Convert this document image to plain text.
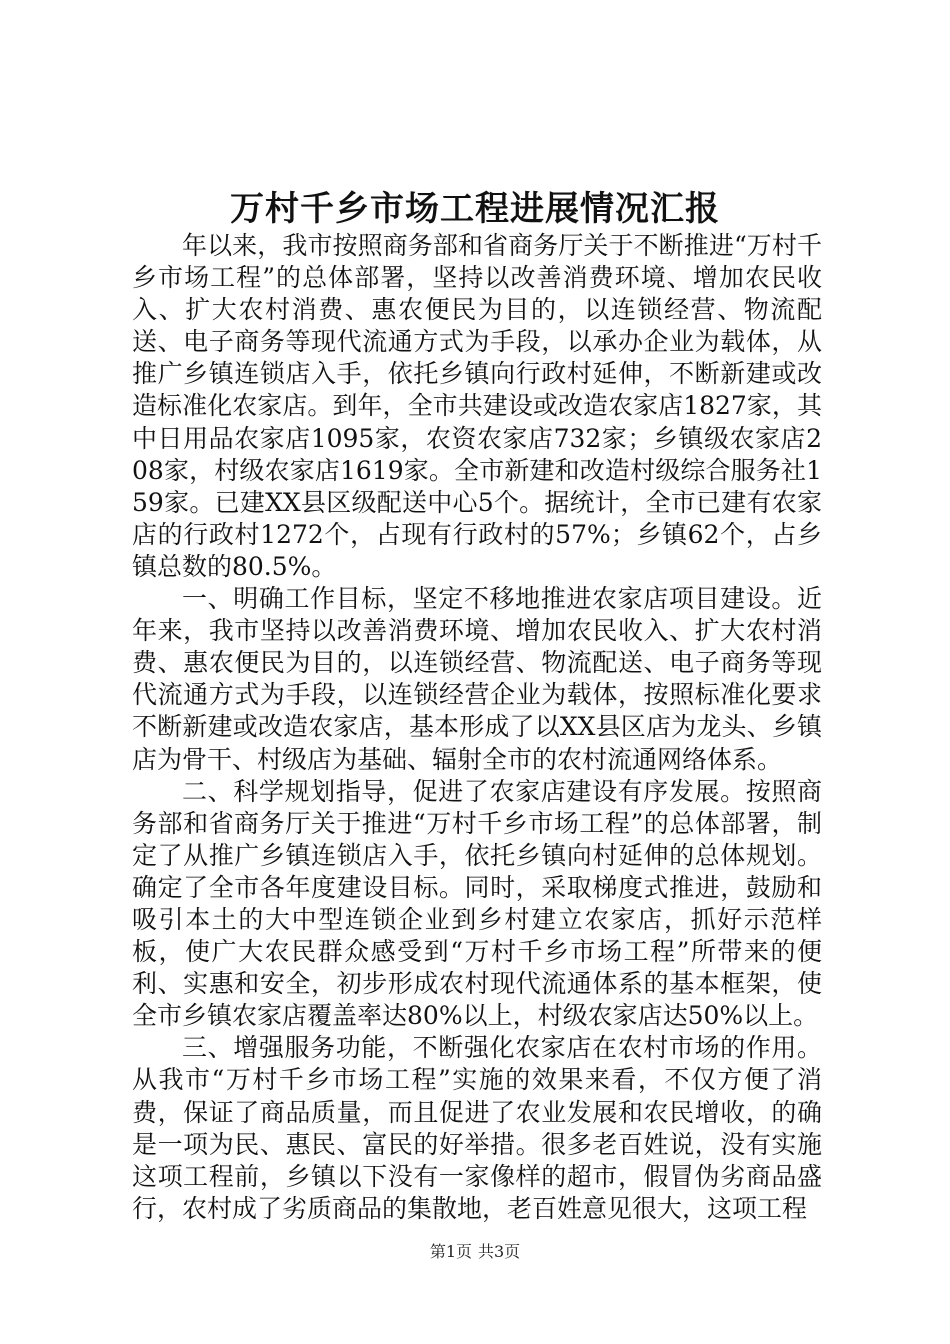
万村千乡市场工程进展情况汇报

年以来，我市按照商务部和省商务厅关于不断推进“万村千乡市场工程”的总体部署，坚持以改善消费环境、增加农民收入、扩大农村消费、惠农便民为目的，以连锁经营、物流配送、电子商务等现代流通方式为手段，以承办企业为载体，从推广乡镇连锁店入手，依托乡镇向行政村延伸，不断新建或改造标准化农家店。到年，全市共建设或改造农家店1827家，其中日用品农家店1095家，农资农家店732家；乡镇级农家店208家，村级农家店1619家。全市新建和改造村级综合服务社159家。已建XX县区级配送中心5个。据统计，全市已建有农家店的行政村1272个，占现有行政村的57%；乡镇62个，占乡镇总数的80.5%。

一、明确工作目标，坚定不移地推进农家店项目建设。近年来，我市坚持以改善消费环境、增加农民收入、扩大农村消费、惠农便民为目的，以连锁经营、物流配送、电子商务等现代流通方式为手段，以连锁经营企业为载体，按照标准化要求不断新建或改造农家店，基本形成了以XX县区店为龙头、乡镇店为骨干、村级店为基础、辐射全市的农村流通网络体系。

二、科学规划指导，促进了农家店建设有序发展。按照商务部和省商务厅关于推进“万村千乡市场工程”的总体部署，制定了从推广乡镇连锁店入手，依托乡镇向村延伸的总体规划。确定了全市各年度建设目标。同时，采取梯度式推进，鼓励和吸引本土的大中型连锁企业到乡村建立农家店，抓好示范样板，使广大农民群众感受到“万村千乡市场工程”所带来的便利、实惠和安全，初步形成农村现代流通体系的基本框架，使全市乡镇农家店覆盖率达80%以上，村级农家店达50%以上。

三、增强服务功能，不断强化农家店在农村市场的作用。从我市“万村千乡市场工程”实施的效果来看，不仅方便了消费，保证了商品质量，而且促进了农业发展和农民增收，的确是一项为民、惠民、富民的好举措。很多老百姓说，没有实施这项工程前，乡镇以下没有一家像样的超市，假冒伪劣商品盛行，农村成了劣质商品的集散地，老百姓意见很大，这项工程

第1页 共3页
